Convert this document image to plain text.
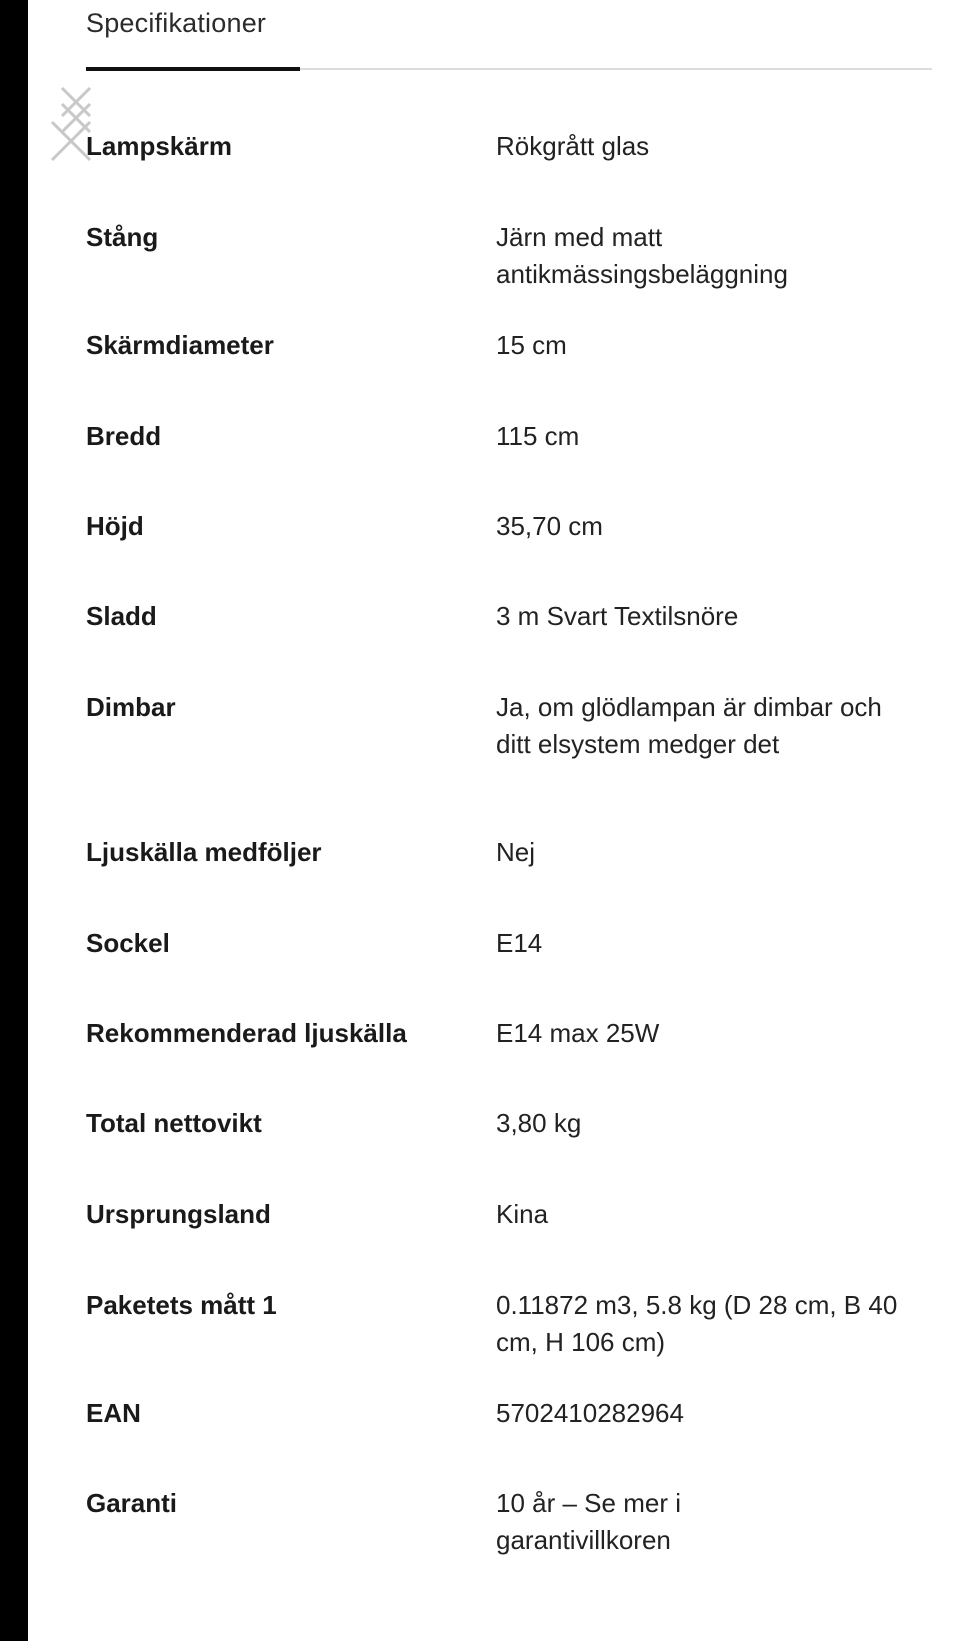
Specifikationer
Lampskärm	Rökgrått glas
Stång	Järn med matt antikmässingsbeläggning
Skärmdiameter	15 cm
Bredd	115 cm
Höjd	35,70 cm
Sladd	3 m Svart Textilsnöre
Dimbar	Ja, om glödlampan är dimbar och ditt elsystem medger det
Ljuskälla medföljer	Nej
Sockel	E14
Rekommenderad ljuskälla	E14 max 25W
Total nettovikt	3,80 kg
Ursprungsland	Kina
Paketets mått 1	0.11872 m3, 5.8 kg (D 28 cm, B 40 cm, H 106 cm)
EAN	5702410282964
Garanti	10 år – Se mer i garantivillkoren
